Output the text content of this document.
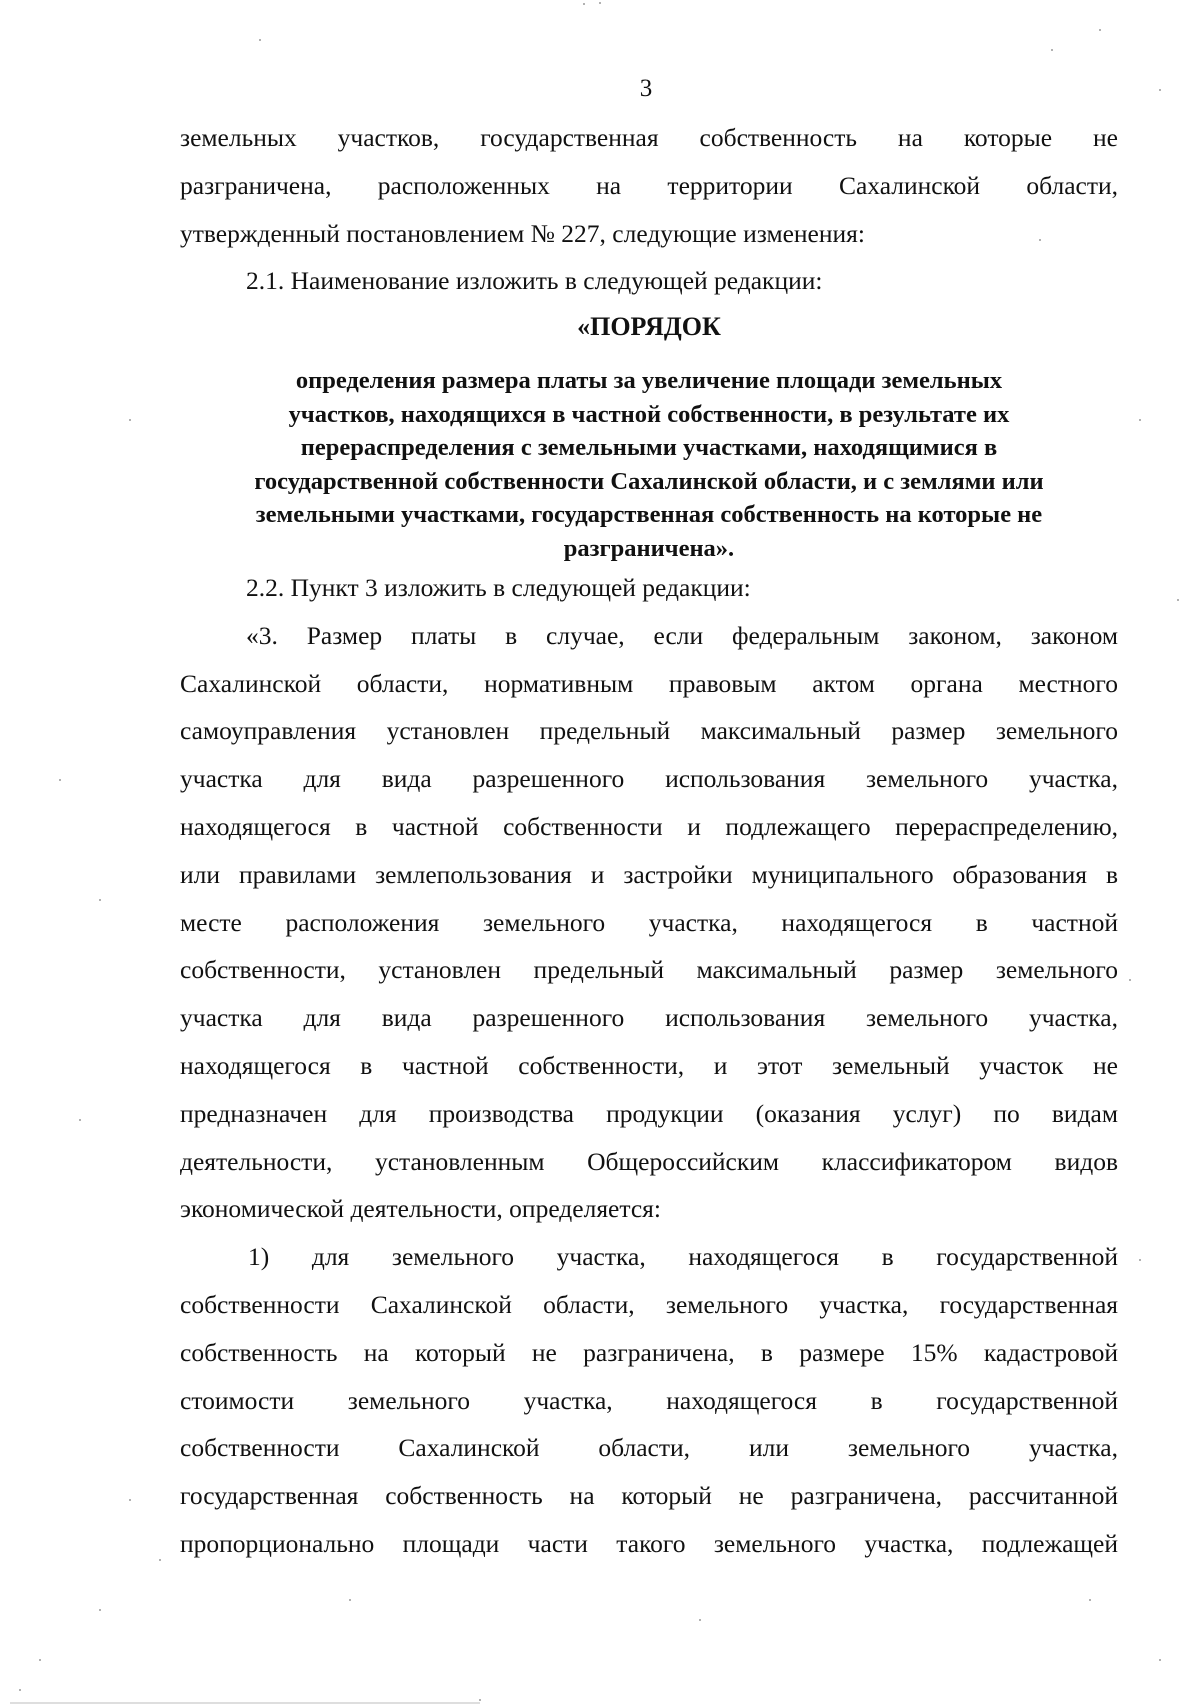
3
земельных участков, государственная собственность на которые не
разграничена, расположенных на территории Сахалинской области,
утвержденный постановлением № 227, следующие изменения:
2.1. Наименование изложить в следующей редакции:
«ПОРЯДОК
определения размера платы за увеличение площади земельных
участков, находящихся в частной собственности, в результате их
перераспределения с земельными участками, находящимися в
государственной собственности Сахалинской области, и с землями или
земельными участками, государственная собственность на которые не
разграничена».
2.2. Пункт 3 изложить в следующей редакции:
«3. Размер платы в случае, если федеральным законом, законом
Сахалинской области, нормативным правовым актом органа местного
самоуправления установлен предельный максимальный размер земельного
участка для вида разрешенного использования земельного участка,
находящегося в частной собственности и подлежащего перераспределению,
или правилами землепользования и застройки муниципального образования в
месте расположения земельного участка, находящегося в частной
собственности, установлен предельный максимальный размер земельного
участка для вида разрешенного использования земельного участка,
находящегося в частной собственности, и этот земельный участок не
предназначен для производства продукции (оказания услуг) по видам
деятельности, установленным Общероссийским классификатором видов
экономической деятельности, определяется:
1) для земельного участка, находящегося в государственной
собственности Сахалинской области, земельного участка, государственная
собственность на который не разграничена, в размере 15% кадастровой
стоимости земельного участка, находящегося в государственной
собственности Сахалинской области, или земельного участка,
государственная собственность на который не разграничена, рассчитанной
пропорционально площади части такого земельного участка, подлежащей
